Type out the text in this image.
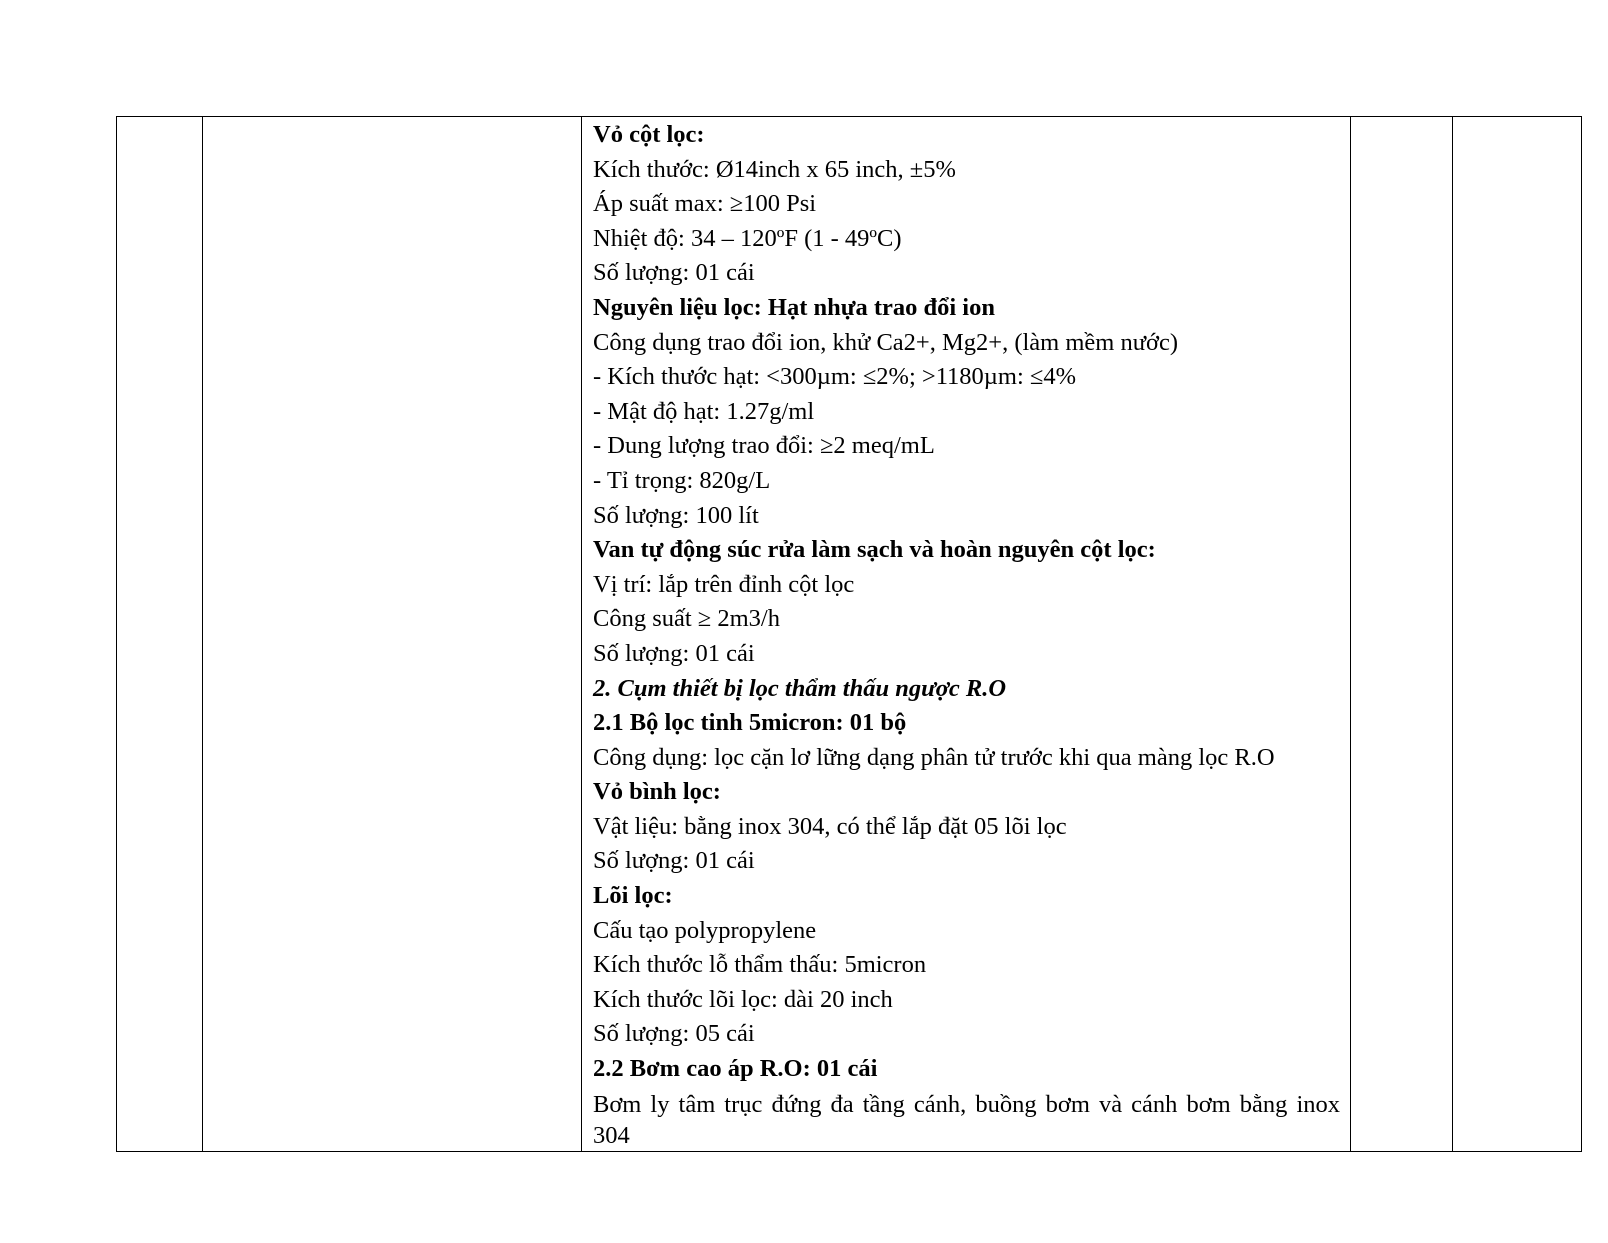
Vỏ cột lọc:
Kích thước: Ø14inch x 65 inch, ±5%
Áp suất max: ≥100 Psi
Nhiệt độ: 34 – 120ºF (1 - 49ºC)
Số lượng: 01 cái
Nguyên liệu lọc: Hạt nhựa trao đổi ion
Công dụng trao đổi ion, khử Ca2+, Mg2+, (làm mềm nước)
- Kích thước hạt: <300µm: ≤2%; >1180µm: ≤4%
- Mật độ hạt: 1.27g/ml
- Dung lượng trao đổi: ≥2 meq/mL
- Tỉ trọng: 820g/L
Số lượng: 100 lít
Van tự động súc rửa làm sạch và hoàn nguyên cột lọc:
Vị trí: lắp trên đỉnh cột lọc
Công suất ≥ 2m3/h
Số lượng: 01 cái
2. Cụm thiết bị lọc thẩm thấu ngược R.O
2.1 Bộ lọc tinh 5micron: 01 bộ
Công dụng: lọc cặn lơ lững dạng phân tử trước khi qua màng lọc R.O
Vỏ bình lọc:
Vật liệu: bằng inox 304, có thể lắp đặt 05 lõi lọc
Số lượng: 01 cái
Lõi lọc:
Cấu tạo polypropylene
Kích thước lỗ thẩm thấu: 5micron
Kích thước lõi lọc: dài 20 inch
Số lượng: 05 cái
2.2 Bơm cao áp R.O: 01 cái
Bơm ly tâm trục đứng đa tầng cánh, buồng bơm và cánh bơm bằng inox 304
